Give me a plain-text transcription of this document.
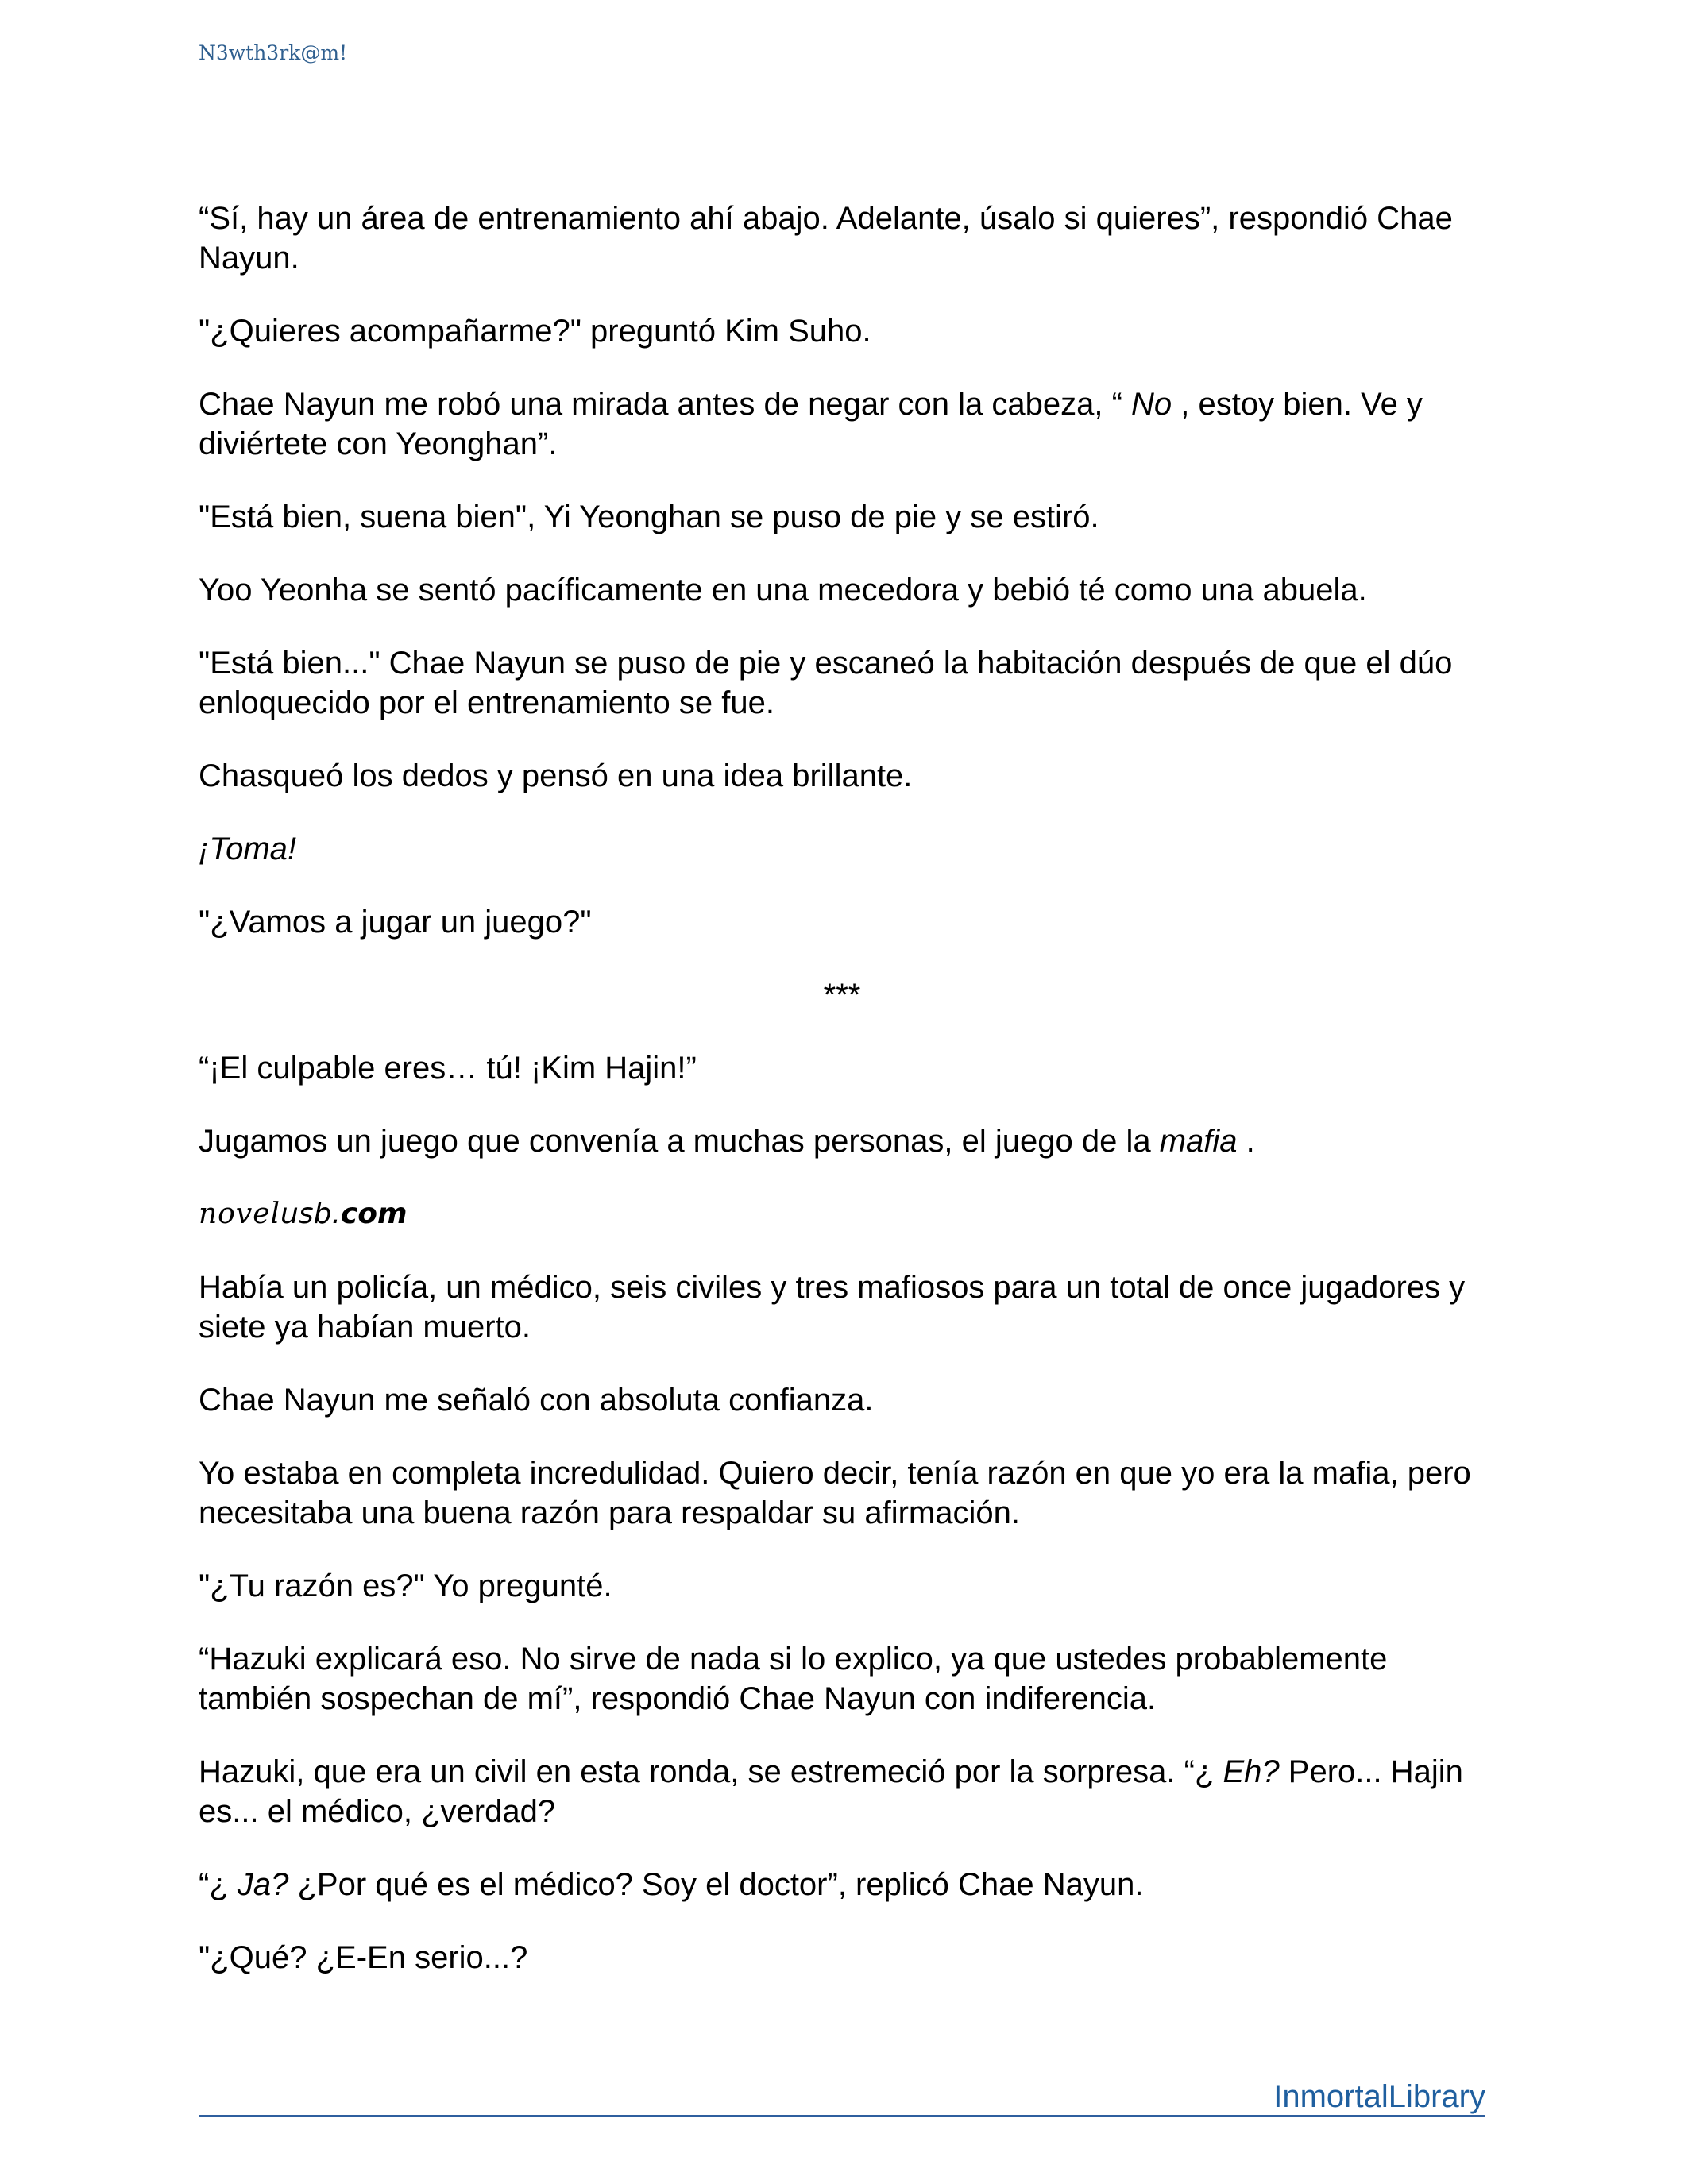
N3wth3rk@m!

“Sí, hay un área de entrenamiento ahí abajo. Adelante, úsalo si quieres”, respondió Chae Nayun.

"¿Quieres acompañarme?" preguntó Kim Suho.

Chae Nayun me robó una mirada antes de negar con la cabeza, “ No , estoy bien. Ve y diviértete con Yeonghan”.

"Está bien, suena bien", Yi Yeonghan se puso de pie y se estiró.

Yoo Yeonha se sentó pacíficamente en una mecedora y bebió té como una abuela.

"Está bien..." Chae Nayun se puso de pie y escaneó la habitación después de que el dúo enloquecido por el entrenamiento se fue.

Chasqueó los dedos y pensó en una idea brillante.

¡Toma!

"¿Vamos a jugar un juego?"

***

“¡El culpable eres… tú! ¡Kim Hajin!”

Jugamos un juego que convenía a muchas personas, el juego de la mafia .

novelusb.com

Había un policía, un médico, seis civiles y tres mafiosos para un total de once jugadores y siete ya habían muerto.

Chae Nayun me señaló con absoluta confianza.

Yo estaba en completa incredulidad. Quiero decir, tenía razón en que yo era la mafia, pero necesitaba una buena razón para respaldar su afirmación.

"¿Tu razón es?" Yo pregunté.

“Hazuki explicará eso. No sirve de nada si lo explico, ya que ustedes probablemente también sospechan de mí”, respondió Chae Nayun con indiferencia.

Hazuki, que era un civil en esta ronda, se estremeció por la sorpresa. “¿ Eh? Pero... Hajin es... el médico, ¿verdad?

“¿ Ja? ¿Por qué es el médico? Soy el doctor”, replicó Chae Nayun.

"¿Qué? ¿E-En serio...?

InmortalLibrary
